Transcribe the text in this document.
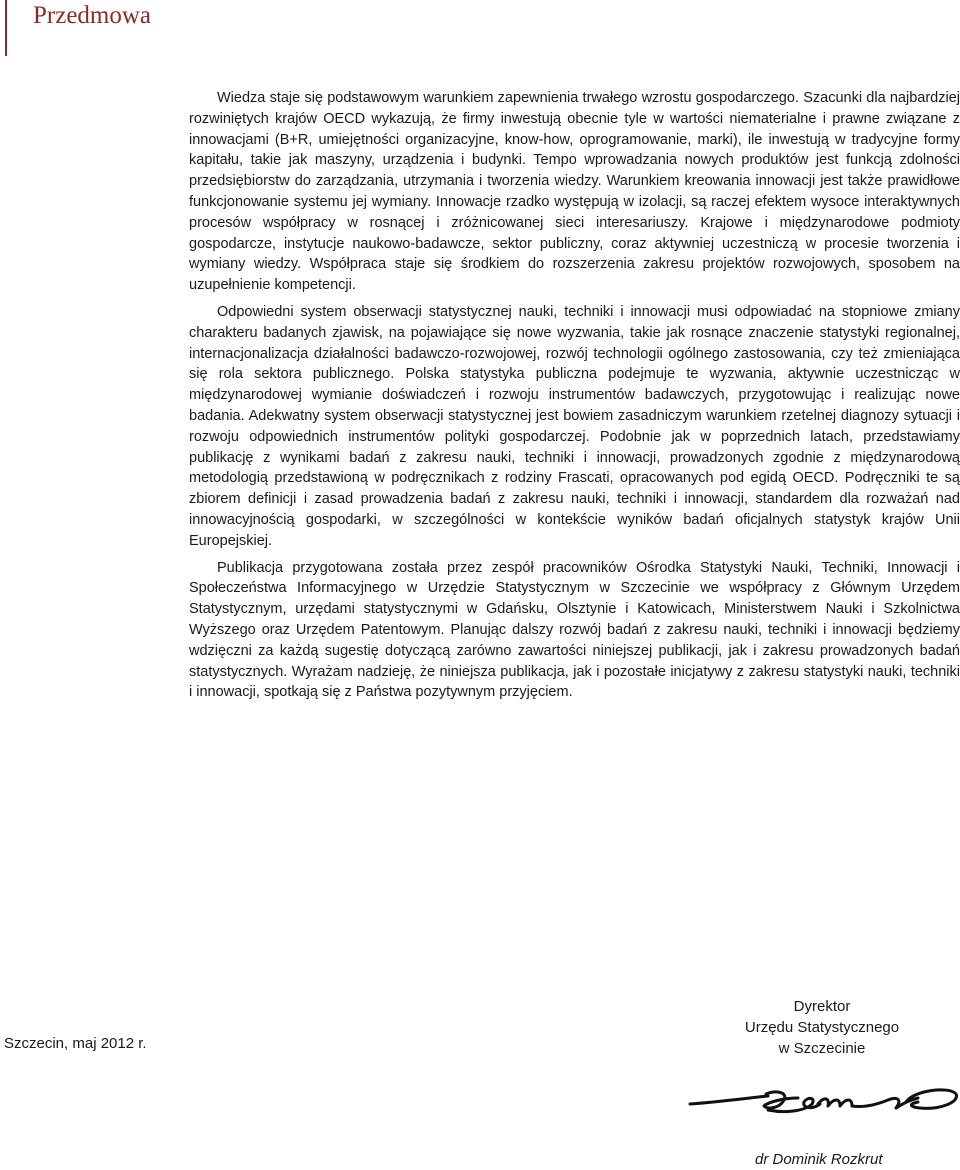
Przedmowa

Wiedza staje się podstawowym warunkiem zapewnienia trwałego wzrostu gospodarczego. Szacunki dla najbardziej rozwiniętych krajów OECD wykazują, że firmy inwestują obecnie tyle w wartości niematerialne i prawne związane z innowacjami (B+R, umiejętności organizacyjne, know-how, oprogramowanie, marki), ile inwestują w tradycyjne formy kapitału, takie jak maszyny, urządzenia i budynki. Tempo wprowadzania nowych produktów jest funkcją zdolności przedsiębiorstw do zarządzania, utrzymania i tworzenia wiedzy. Warunkiem kreowania innowacji jest także prawidłowe funkcjonowanie systemu jej wymiany. Innowacje rzadko występują w izolacji, są raczej efektem wysoce interaktywnych procesów współpracy w rosnącej i zróżnicowanej sieci interesariuszy. Krajowe i międzynarodowe podmioty gospodarcze, instytucje naukowo-badawcze, sektor publiczny, coraz aktywniej uczestniczą w procesie tworzenia i wymiany wiedzy. Współpraca staje się środkiem do rozszerzenia zakresu projektów rozwojowych, sposobem na uzupełnienie kompetencji.

Odpowiedni system obserwacji statystycznej nauki, techniki i innowacji musi odpowiadać na stopniowe zmiany charakteru badanych zjawisk, na pojawiające się nowe wyzwania, takie jak rosnące znaczenie statystyki regionalnej, internacjonalizacja działalności badawczo-rozwojowej, rozwój technologii ogólnego zastosowania, czy też zmieniająca się rola sektora publicznego. Polska statystyka publiczna podejmuje te wyzwania, aktywnie uczestnicząc w międzynarodowej wymianie doświadczeń i rozwoju instrumentów badawczych, przygotowując i realizując nowe badania. Adekwatny system obserwacji statystycznej jest bowiem zasadniczym warunkiem rzetelnej diagnozy sytuacji i rozwoju odpowiednich instrumentów polityki gospodarczej. Podobnie jak w poprzednich latach, przedstawiamy publikację z wynikami badań z zakresu nauki, techniki i innowacji, prowadzonych zgodnie z międzynarodową metodologią przedstawioną w podręcznikach z rodziny Frascati, opracowanych pod egidą OECD. Podręczniki te są zbiorem definicji i zasad prowadzenia badań z zakresu nauki, techniki i innowacji, standardem dla rozważań nad innowacyjnością gospodarki, w szczególności w kontekście wyników badań oficjalnych statystyk krajów Unii Europejskiej.

Publikacja przygotowana została przez zespół pracowników Ośrodka Statystyki Nauki, Techniki, Innowacji i Społeczeństwa Informacyjnego w Urzędzie Statystycznym w Szczecinie we współpracy z Głównym Urzędem Statystycznym, urzędami statystycznymi w Gdańsku, Olsztynie i Katowicach, Ministerstwem Nauki i Szkolnictwa Wyższego oraz Urzędem Patentowym. Planując dalszy rozwój badań z zakresu nauki, techniki i innowacji będziemy wdzięczni za każdą sugestię dotyczącą zarówno zawartości niniejszej publikacji, jak i zakresu prowadzonych badań statystycznych. Wyrażam nadzieję, że niniejsza publikacja, jak i pozostałe inicjatywy z zakresu statystyki nauki, techniki i innowacji, spotkają się z Państwa pozytywnym przyjęciem.

Szczecin, maj 2012 r.
Dyrektor
Urzędu Statystycznego
w Szczecinie
dr Dominik Rozkrut
